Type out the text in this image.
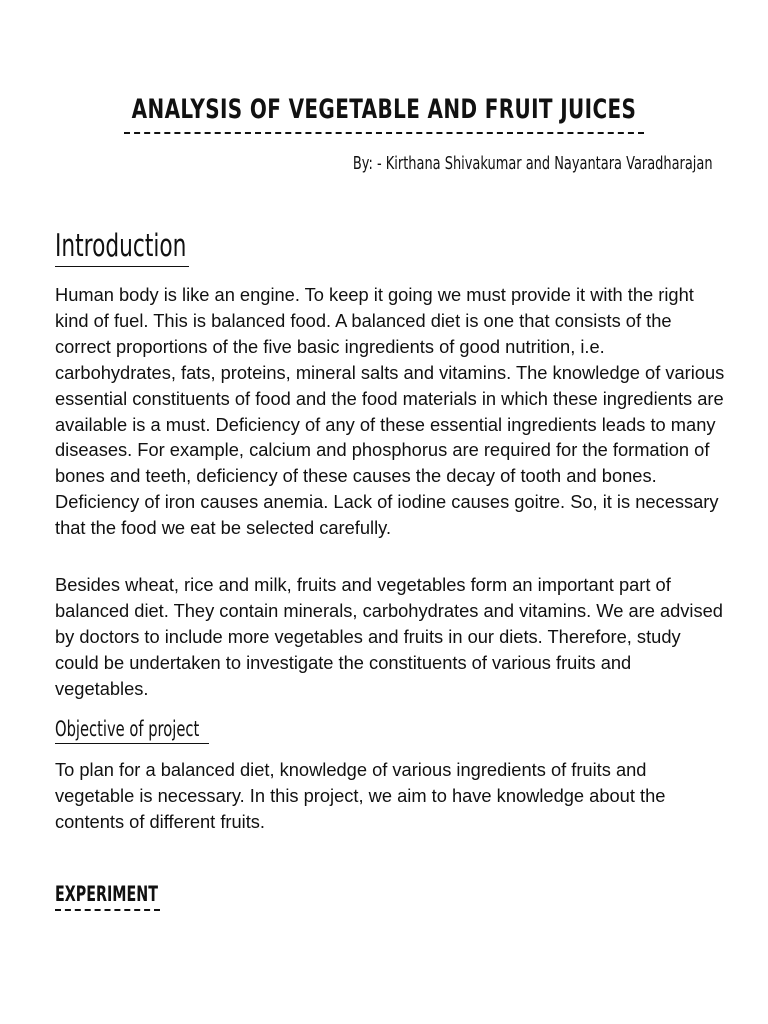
ANALYSIS OF VEGETABLE AND FRUIT JUICES
By: - Kirthana Shivakumar and Nayantara Varadharajan
Introduction

Human body is like an engine. To keep it going we must provide it with the right kind of fuel. This is balanced food. A balanced diet is one that consists of the correct proportions of the five basic ingredients of good nutrition, i.e. carbohydrates, fats, proteins, mineral salts and vitamins. The knowledge of various essential constituents of food and the food materials in which these ingredients are available is a must. Deficiency of any of these essential ingredients leads to many diseases. For example, calcium and phosphorus are required for the formation of bones and teeth, deficiency of these causes the decay of tooth and bones. Deficiency of iron causes anemia. Lack of iodine causes goitre. So, it is necessary that the food we eat be selected carefully.

Besides wheat, rice and milk, fruits and vegetables form an important part of balanced diet. They contain minerals, carbohydrates and vitamins. We are advised by doctors to include more vegetables and fruits in our diets. Therefore, study could be undertaken to investigate the constituents of various fruits and vegetables.

Objective of project

To plan for a balanced diet, knowledge of various ingredients of fruits and vegetable is necessary. In this project, we aim to have knowledge about the contents of different fruits.

EXPERIMENT
